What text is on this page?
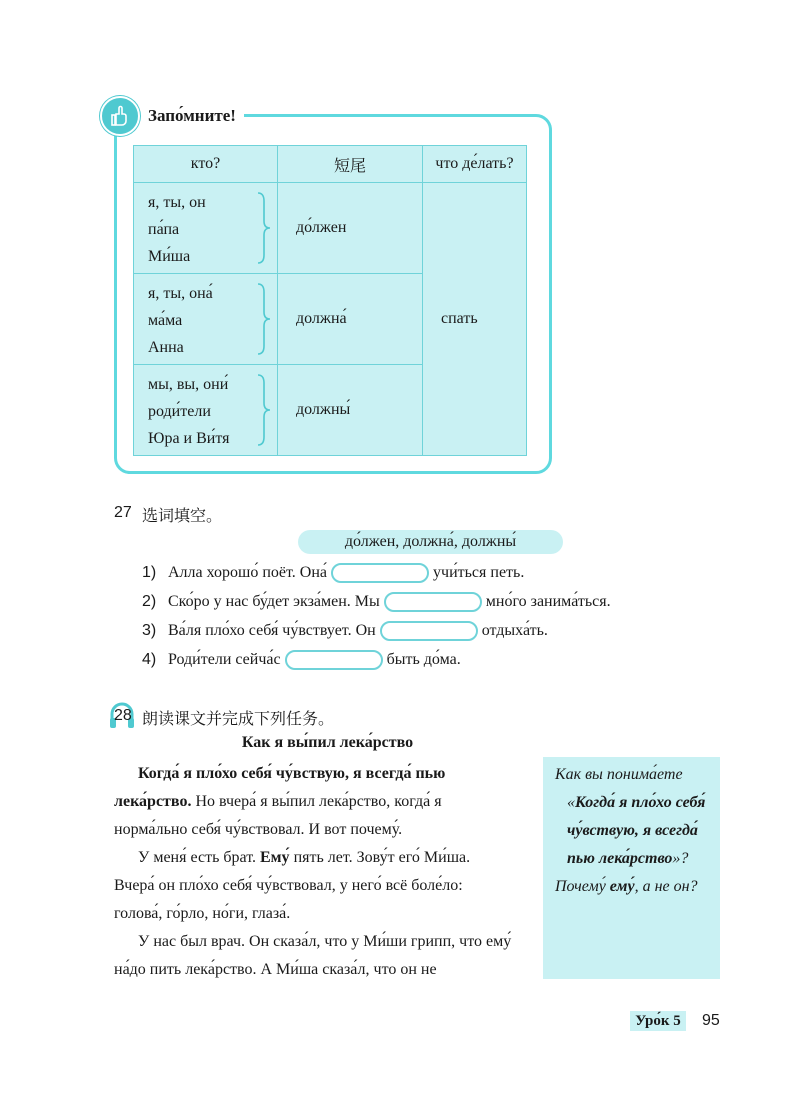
Запо́мните!
кто?	短尾	что де́лать?

я, ты, он
па́па
Ми́ша	до́лжен	спать

я, ты, она́
ма́ма
Анна	должна́	

мы, вы, они́
роди́тели
Юра и Ви́тя	должны́	
27 选词填空。
до́лжен, должна́, должны́
1) Алла хорошо́ поёт. Она́	учи́ться петь.
2) Ско́ро у нас бу́дет экза́мен. Мы	мно́го занима́ться.
3) Ва́ля пло́хо себя́ чу́вствует. Он	отдыха́ть.
4) Роди́тели сейча́с	быть до́ма.
28 朗读课文并完成下列任务。
Как я вы́пил лека́рство

Когда́ я пло́хо себя́ чу́вствую, я всегда́ пью лека́рство. Но вчера́ я вы́пил лека́рство, когда́ я норма́льно себя́ чу́вствовал. И вот почему́.

У меня́ есть брат. Ему́ пять лет. Зову́т его́ Ми́ша. Вчера́ он пло́хо себя́ чу́вствовал, у него́ всё боле́ло: голова́, го́рло, но́ги, глаза́.

У нас был врач. Он сказа́л, что у Ми́ши грипп, что ему́ на́до пить лека́рство. А Ми́ша сказа́л, что он не

Как вы понима́ете
«Когда́ я пло́хо себя́ чу́вствую, я всегда́ пью лека́рство»?
Почему́ ему́, а не он?
Уро́к 5	95
